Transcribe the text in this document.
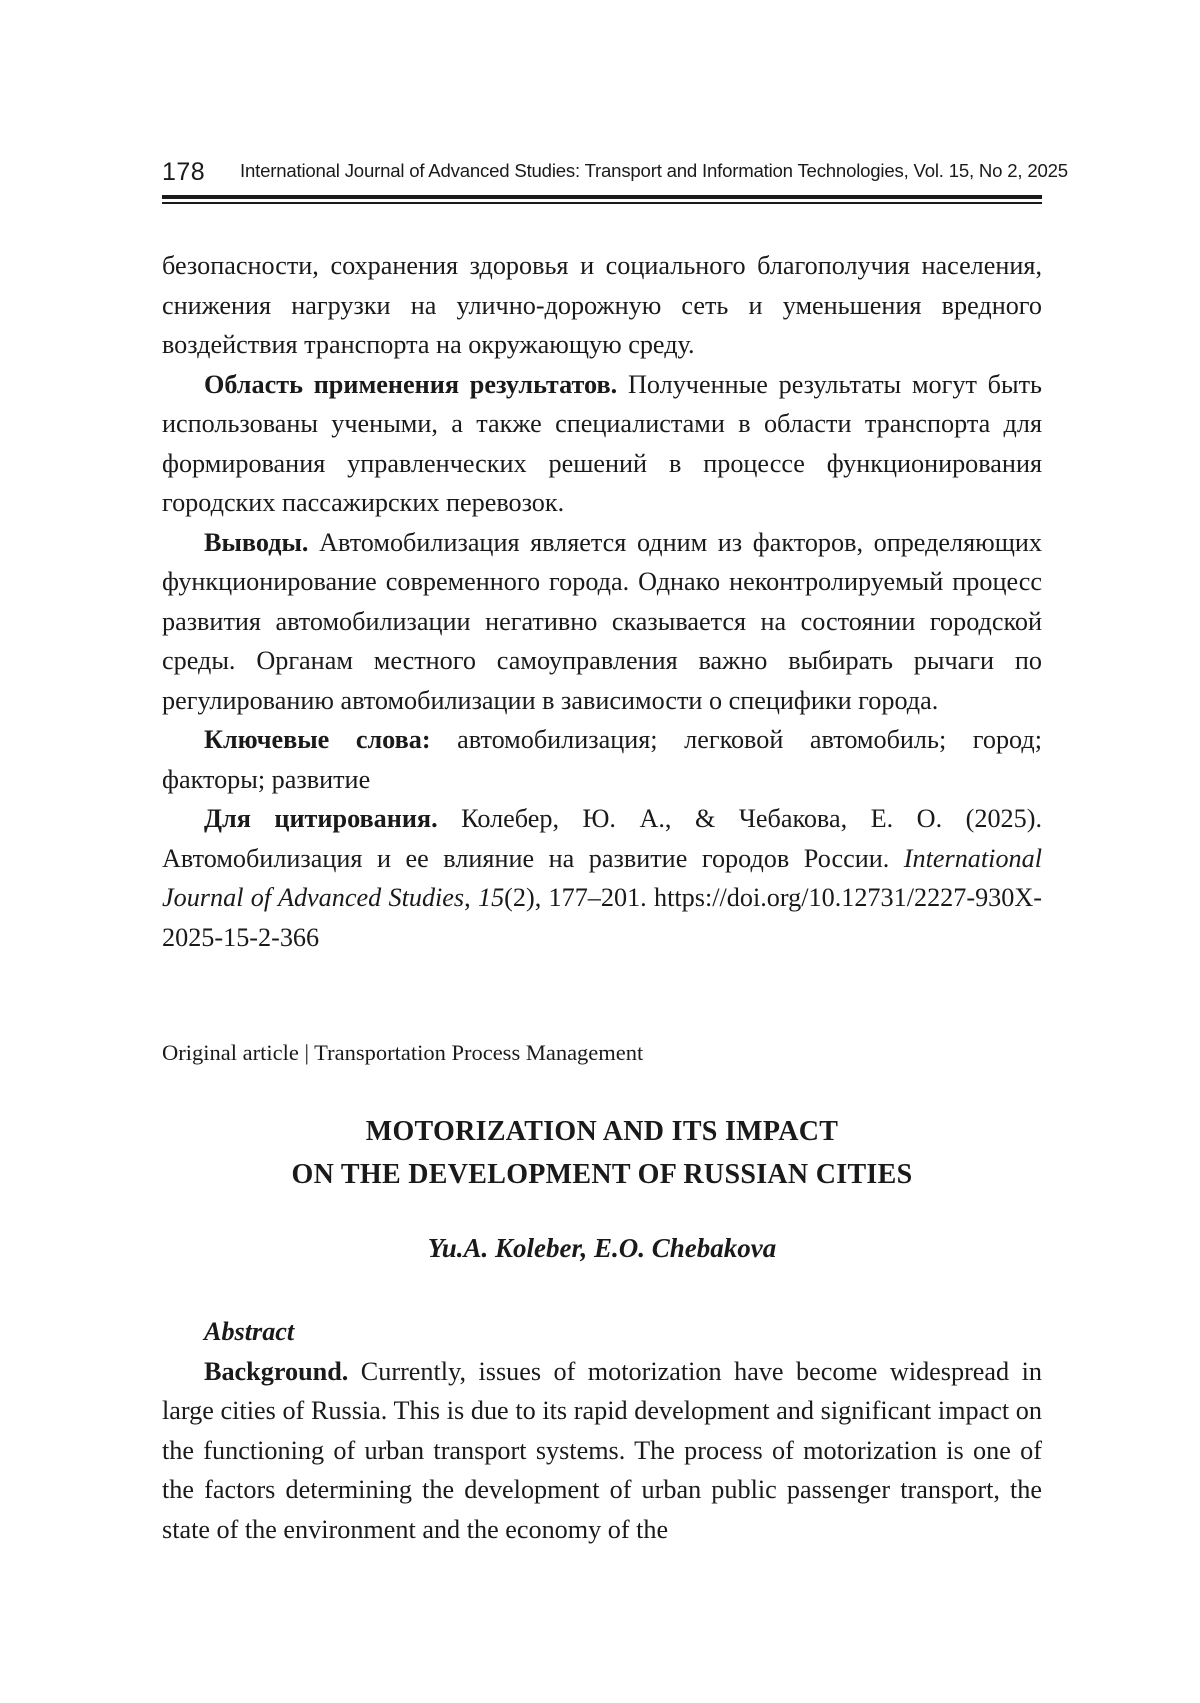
178 International Journal of Advanced Studies: Transport and Information Technologies, Vol. 15, No 2, 2025

безопасности, сохранения здоровья и социального благополучия населения, снижения нагрузки на улично-дорожную сеть и уменьшения вредного воздействия транспорта на окружающую среду.

Область применения результатов. Полученные результаты могут быть использованы учеными, а также специалистами в области транспорта для формирования управленческих решений в процессе функционирования городских пассажирских перевозок.

Выводы. Автомобилизация является одним из факторов, определяющих функционирование современного города. Однако неконтролируемый процесс развития автомобилизации негативно сказывается на состоянии городской среды. Органам местного самоуправления важно выбирать рычаги по регулированию автомобилизации в зависимости о специфики города.

Ключевые слова: автомобилизация; легковой автомобиль; город; факторы; развитие

Для цитирования. Колебер, Ю. А., & Чебакова, Е. О. (2025). Автомобилизация и ее влияние на развитие городов России. International Journal of Advanced Studies, 15(2), 177–201. https://doi.org/10.12731/2227-930X-2025-15-2-366

Original article | Transportation Process Management
MOTORIZATION AND ITS IMPACT
ON THE DEVELOPMENT OF RUSSIAN CITIES
Yu.A. Koleber, E.O. Chebakova

Abstract

Background. Currently, issues of motorization have become widespread in large cities of Russia. This is due to its rapid development and significant impact on the functioning of urban transport systems. The process of motorization is one of the factors determining the development of urban public passenger transport, the state of the environment and the economy of the
